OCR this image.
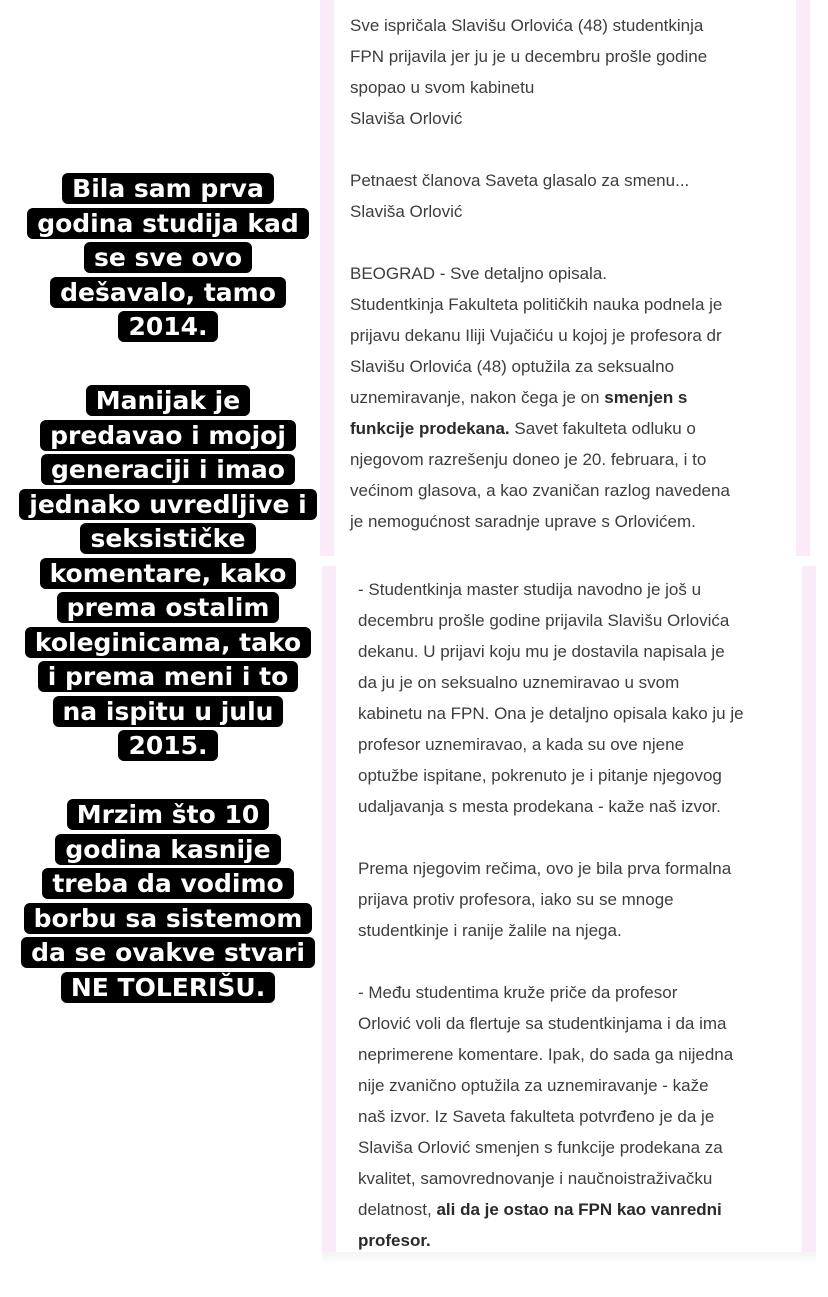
Sve ispričala Slavišu Orlovića (48) studentkinja

FPN prijavila jer ju je u decembru prošle godine

spopao u svom kabinetu

Slaviša Orlović

Petnaest članova Saveta glasalo za smenu...

Slaviša Orlović

BEOGRAD - Sve detaljno opisala.

Studentkinja Fakulteta političkih nauka podnela je

prijavu dekanu Iliji Vujačiću u kojoj je profesora dr

Slavišu Orlovića (48) optužila za seksualno

uznemiravanje, nakon čega je on smenjen s

funkcije prodekana. Savet fakulteta odluku o

njegovom razrešenju doneo je 20. februara, i to

većinom glasova, a kao zvaničan razlog navedena

je nemogućnost saradnje uprave s Orlovićem.

- Studentkinja master studija navodno je još u

decembru prošle godine prijavila Slavišu Orlovića

dekanu. U prijavi koju mu je dostavila napisala je

da ju je on seksualno uznemiravao u svom

kabinetu na FPN. Ona je detaljno opisala kako ju je

profesor uznemiravao, a kada su ove njene

optužbe ispitane, pokrenuto je i pitanje njegovog

udaljavanja s mesta prodekana - kaže naš izvor.

Prema njegovim rečima, ovo je bila prva formalna

prijava protiv profesora, iako su se mnoge

studentkinje i ranije žalile na njega.

- Među studentima kruže priče da profesor

Orlović voli da flertuje sa studentkinjama i da ima

neprimerene komentare. Ipak, do sada ga nijedna

nije zvanično optužila za uznemiravanje - kaže

naš izvor. Iz Saveta fakulteta potvrđeno je da je

Slaviša Orlović smenjen s funkcije prodekana za

kvalitet, samovrednovanje i naučnoistraživačku

delatnost, ali da je ostao na FPN kao vanredni

profesor.

Bila sam prva
godina studija kad
se sve ovo
dešavalo, tamo
2014.
Manijak je
predavao i mojoj
generaciji i imao
jednako uvredljive i
seksističke
komentare, kako
prema ostalim
koleginicama, tako
i prema meni i to
na ispitu u julu
2015.
Mrzim što 10
godina kasnije
treba da vodimo
borbu sa sistemom
da se ovakve stvari
NE TOLERIŠU.
